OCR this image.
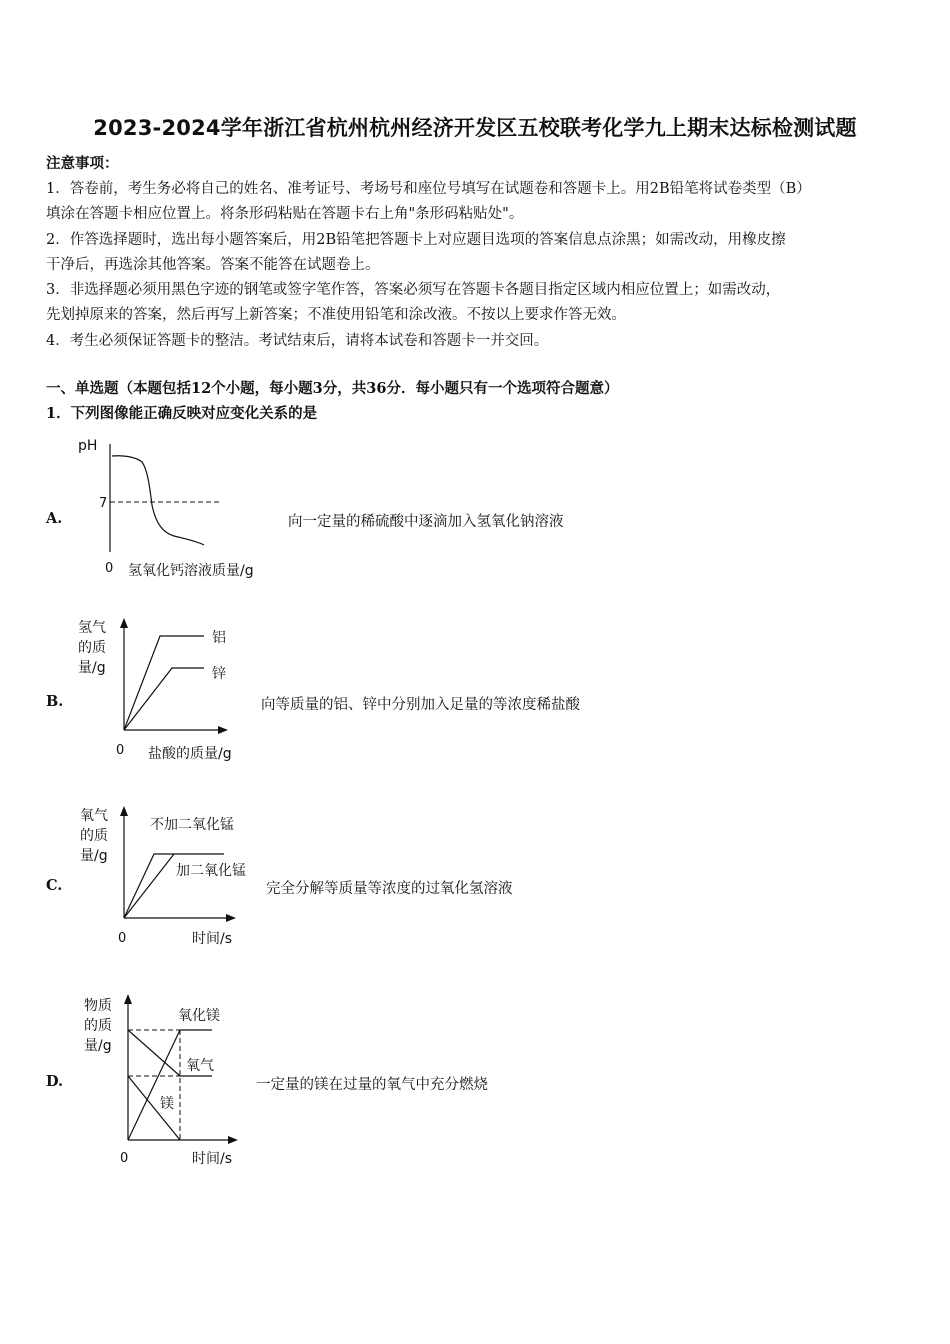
2023-2024学年浙江省杭州杭州经济开发区五校联考化学九上期末达标检测试题
注意事项：
1．答卷前，考生务必将自己的姓名、准考证号、考场号和座位号填写在试题卷和答题卡上。用2B铅笔将试卷类型（B）
填涂在答题卡相应位置上。将条形码粘贴在答题卡右上角"条形码粘贴处"。
2．作答选择题时，选出每小题答案后，用2B铅笔把答题卡上对应题目选项的答案信息点涂黑；如需改动，用橡皮擦
干净后，再选涂其他答案。答案不能答在试题卷上。
3．非选择题必须用黑色字迹的钢笔或签字笔作答，答案必须写在答题卡各题目指定区域内相应位置上；如需改动，
先划掉原来的答案，然后再写上新答案；不准使用铅笔和涂改液。不按以上要求作答无效。
4．考生必须保证答题卡的整洁。考试结束后，请将本试卷和答题卡一并交回。
一、单选题（本题包括12个小题，每小题3分，共36分．每小题只有一个选项符合题意）
1．下列图像能正确反映对应变化关系的是
A.	向一定量的稀硫酸中逐滴加入氢氧化钠溶液
pH
7
0 氢氧化钙溶液质量/g
B.	向等质量的铝、锌中分别加入足量的等浓度稀盐酸
氢气
的质
量/g
铝
锌
0 盐酸的质量/g
C.	完全分解等质量等浓度的过氧化氢溶液
氧气
的质
量/g
不加二氧化锰
加二氧化锰
0	时间/s
D.	一定量的镁在过量的氧气中充分燃烧
物质
的质
量/g
氧化镁
氧气
镁
0	时间/s
